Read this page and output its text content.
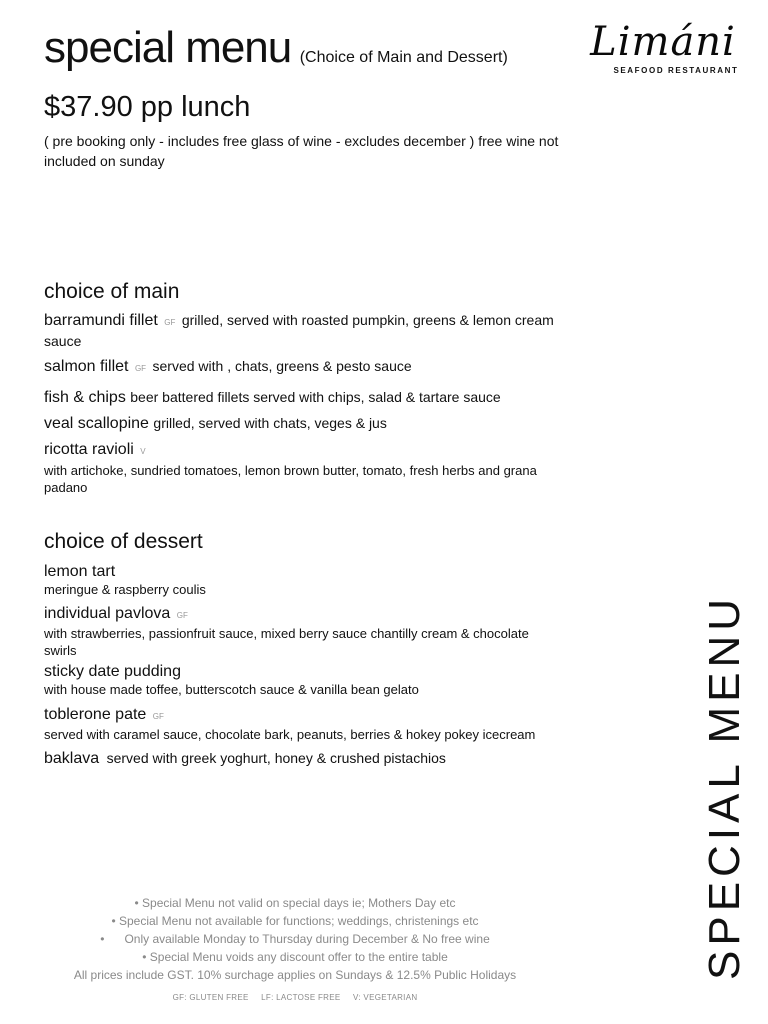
special menu (Choice of Main and Dessert)	Limáni
SEAFOOD RESTAURANT
$37.90 pp lunch
( pre booking only - includes free glass of wine - excludes december ) free wine not included on sunday
choice of main
barramundi fillet GF grilled, served with roasted pumpkin, greens & lemon cream sauce
salmon fillet GF served with , chats, greens & pesto sauce
fish & chips beer battered fillets served with chips, salad & tartare sauce
veal scallopine grilled, served with chats, veges & jus
ricotta ravioli V
with artichoke, sundried tomatoes, lemon brown butter, tomato, fresh herbs and grana padano
choice of dessert
lemon tart
meringue & raspberry coulis
individual pavlova GF
with strawberries, passionfruit sauce, mixed berry sauce chantilly cream & chocolate swirls
sticky date pudding
with house made toffee, butterscotch sauce & vanilla bean gelato
toblerone pate GF
served with caramel sauce, chocolate bark, peanuts, berries & hokey pokey icecream
baklava served with greek yoghurt, honey & crushed pistachios
• Special Menu not valid on special days ie; Mothers Day etc
• Special Menu not available for functions; weddings, christenings etc
•      Only available Monday to Thursday during December & No free wine
• Special Menu voids any discount offer to the entire table
All prices include GST. 10% surchage applies on Sundays & 12.5% Public Holidays
GF: GLUTEN FREE LF: LACTOSE FREE V: VEGETARIAN
SPECIAL MENU
